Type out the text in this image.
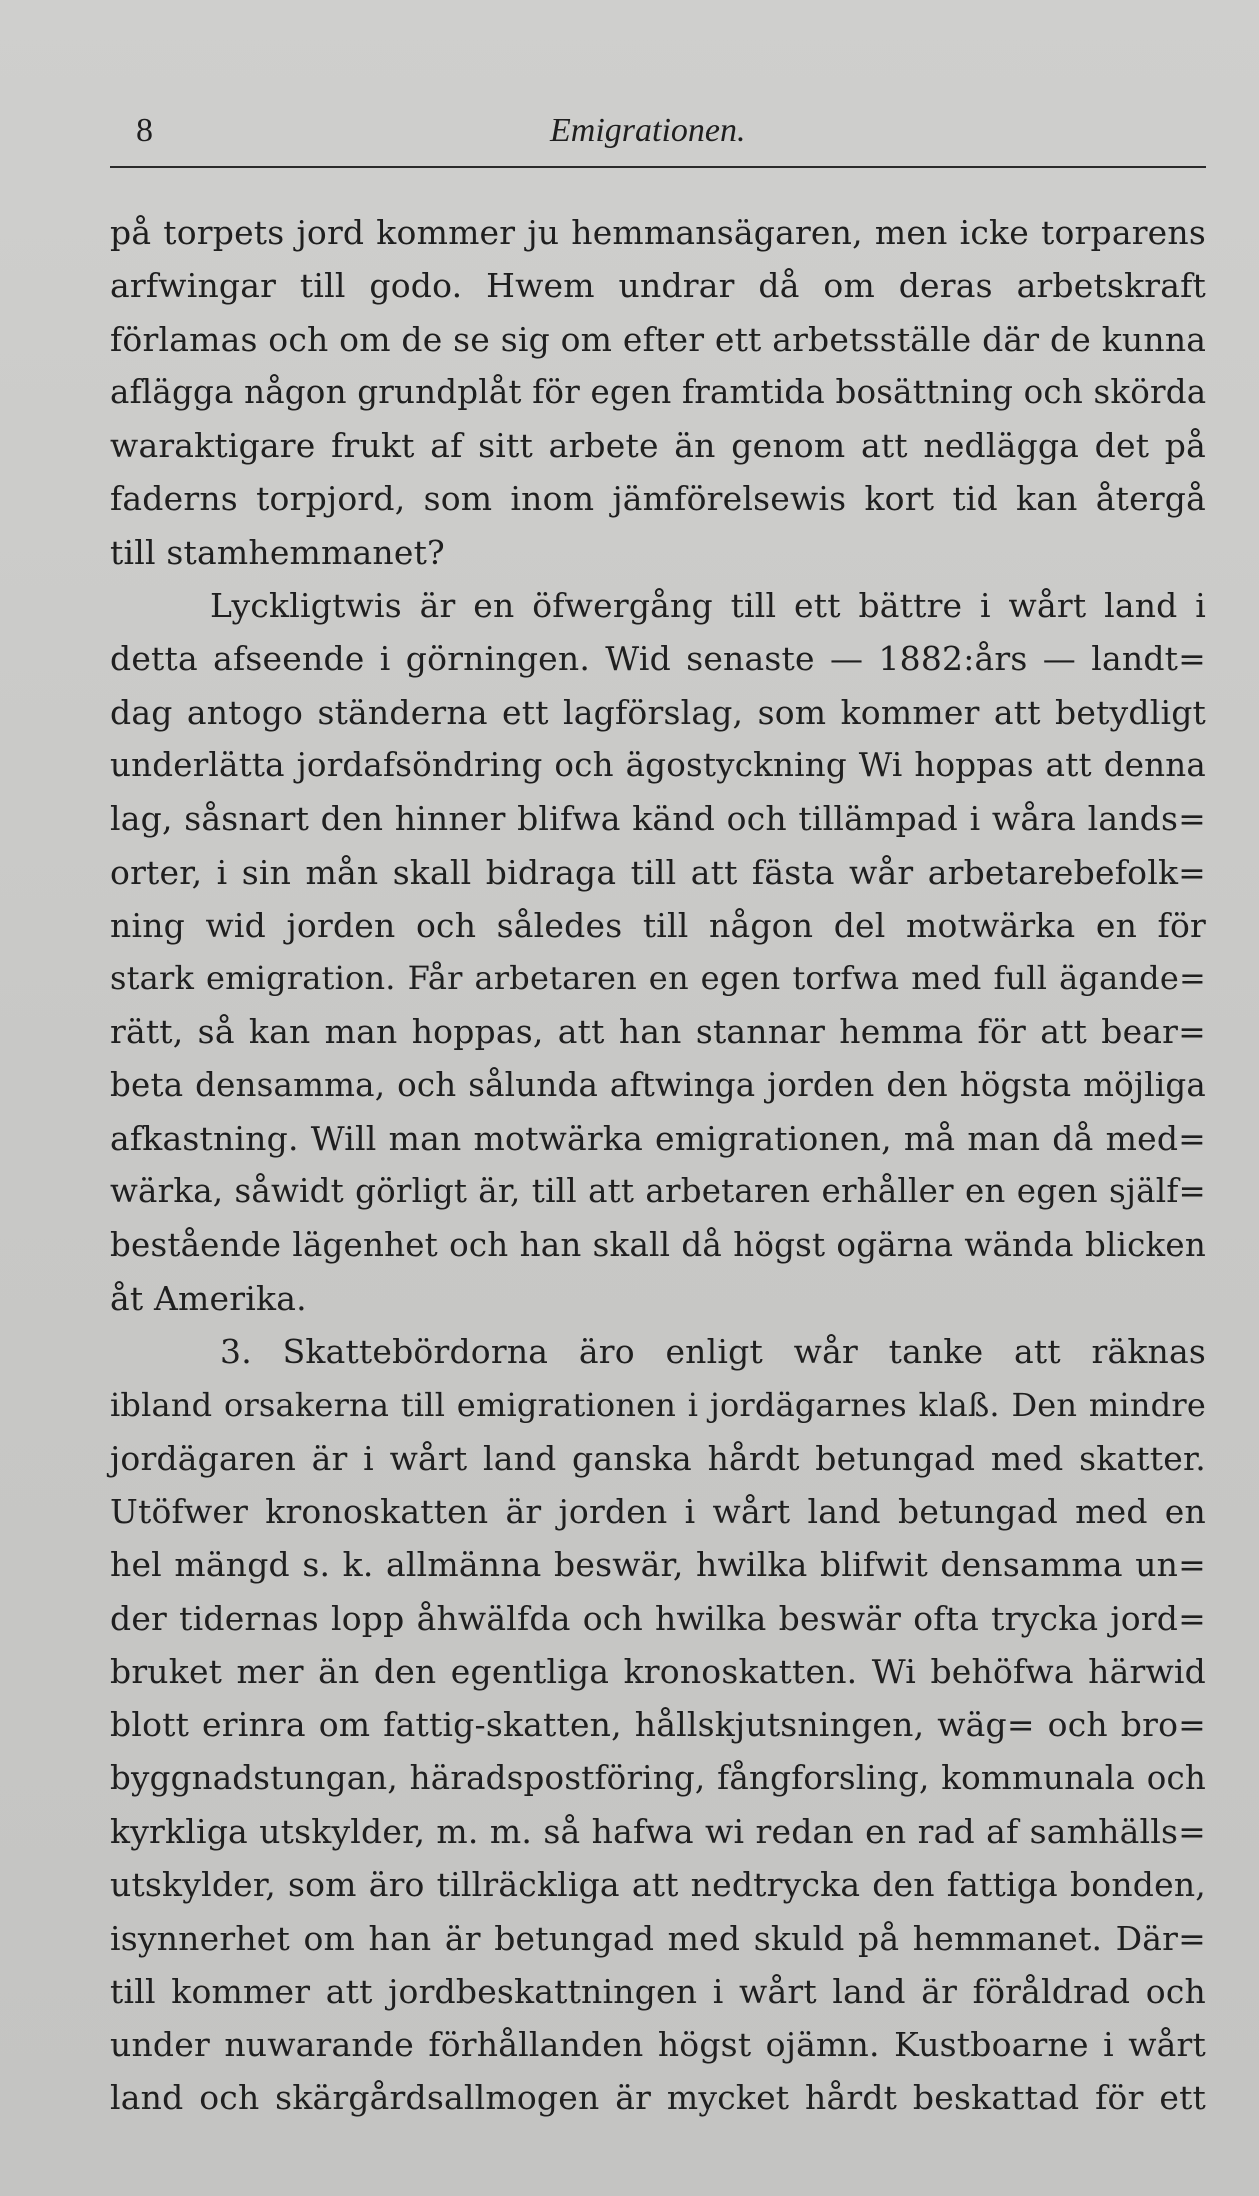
8	Emigrationen.
på torpets jord kommer ju hemmansägaren, men icke torparens
arfwingar till godo. Hwem undrar då om deras arbetskraft
förlamas och om de se sig om efter ett arbetsställe där de kunna
aflägga någon grundplåt för egen framtida bosättning och skörda
waraktigare frukt af sitt arbete än genom att nedlägga det på
faderns torpjord, som inom jämförelsewis kort tid kan återgå
till stamhemmanet?
Lyckligtwis är en öfwergång till ett bättre i wårt land i
detta afseende i görningen. Wid senaste — 1882:års — landt=
dag antogo ständerna ett lagförslag, som kommer att betydligt
underlätta jordafsöndring och ägostyckning Wi hoppas att denna
lag, såsnart den hinner blifwa känd och tillämpad i wåra lands=
orter, i sin mån skall bidraga till att fästa wår arbetarebefolk=
ning wid jorden och således till någon del motwärka en för
stark emigration. Får arbetaren en egen torfwa med full ägande=
rätt, så kan man hoppas, att han stannar hemma för att bear=
beta densamma, och sålunda aftwinga jorden den högsta möjliga
afkastning. Will man motwärka emigrationen, må man då med=
wärka, såwidt görligt är, till att arbetaren erhåller en egen själf=
bestående lägenhet och han skall då högst ogärna wända blicken
åt Amerika.
3. Skattebördorna äro enligt wår tanke att räknas
ibland orsakerna till emigrationen i jordägarnes klaß. Den mindre
jordägaren är i wårt land ganska hårdt betungad med skatter.
Utöfwer kronoskatten är jorden i wårt land betungad med en
hel mängd s. k. allmänna beswär, hwilka blifwit densamma un=
der tidernas lopp åhwälfda och hwilka beswär ofta trycka jord=
bruket mer än den egentliga kronoskatten. Wi behöfwa härwid
blott erinra om fattig-skatten, hållskjutsningen, wäg= och bro=
byggnadstungan, häradspostföring, fångforsling, kommunala och
kyrkliga utskylder, m. m. så hafwa wi redan en rad af samhälls=
utskylder, som äro tillräckliga att nedtrycka den fattiga bonden,
isynnerhet om han är betungad med skuld på hemmanet. Där=
till kommer att jordbeskattningen i wårt land är föråldrad och
under nuwarande förhållanden högst ojämn. Kustboarne i wårt
land och skärgårdsallmogen är mycket hårdt beskattad för ett
